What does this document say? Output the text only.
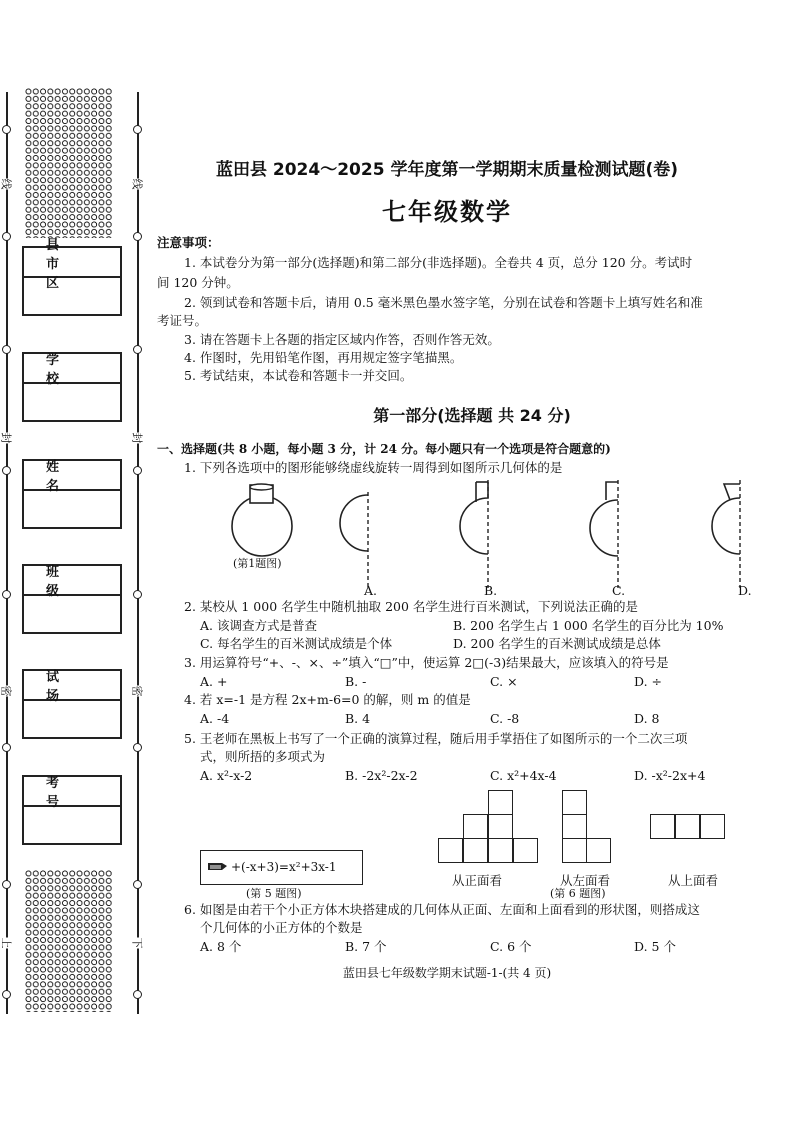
线	线
封	封
密	密
上	下
县市区
学校
姓名
班级
试场
考号
蓝田县 2024～2025 学年度第一学期期末质量检测试题(卷)
七年级数学
注意事项：
1. 本试卷分为第一部分(选择题)和第二部分(非选择题)。全卷共 4 页，总分 120 分。考试时
间 120 分钟。
2. 领到试卷和答题卡后，请用 0.5 毫米黑色墨水签字笔，分别在试卷和答题卡上填写姓名和准
考证号。
3. 请在答题卡上各题的指定区域内作答，否则作答无效。
4. 作图时，先用铅笔作图，再用规定签字笔描黑。
5. 考试结束，本试卷和答题卡一并交回。
第一部分(选择题 共 24 分)
一、选择题(共 8 小题，每小题 3 分，计 24 分。每小题只有一个选项是符合题意的)
1. 下列各选项中的图形能够绕虚线旋转一周得到如图所示几何体的是
(第1题图)
A.	B.	C.	D.
2. 某校从 1 000 名学生中随机抽取 200 名学生进行百米测试，下列说法正确的是
A. 该调查方式是普查	B. 200 名学生占 1 000 名学生的百分比为 10%
C. 每名学生的百米测试成绩是个体	D. 200 名学生的百米测试成绩是总体
3. 用运算符号“+、-、×、÷”填入“□”中，使运算 2□(-3)结果最大，应该填入的符号是
A. +	B. -	C. ×	D. ÷
4. 若 x=-1 是方程 2x+m-6=0 的解，则 m 的值是
A. -4	B. 4	C. -8	D. 8
5. 王老师在黑板上书写了一个正确的演算过程，随后用手掌捂住了如图所示的一个二次三项
式，则所捂的多项式为
A. x²-x-2	B. -2x²-2x-2	C. x²+4x-4	D. -x²-2x+4
+(-x+3)=x²+3x-1
(第 5 题图)
从正面看	从左面看	从上面看
(第 6 题图)
6. 如图是由若干个小正方体木块搭建成的几何体从正面、左面和上面看到的形状图，则搭成这
个几何体的小正方体的个数是
A. 8 个	B. 7 个	C. 6 个	D. 5 个
蓝田县七年级数学期末试题-1-(共 4 页)
